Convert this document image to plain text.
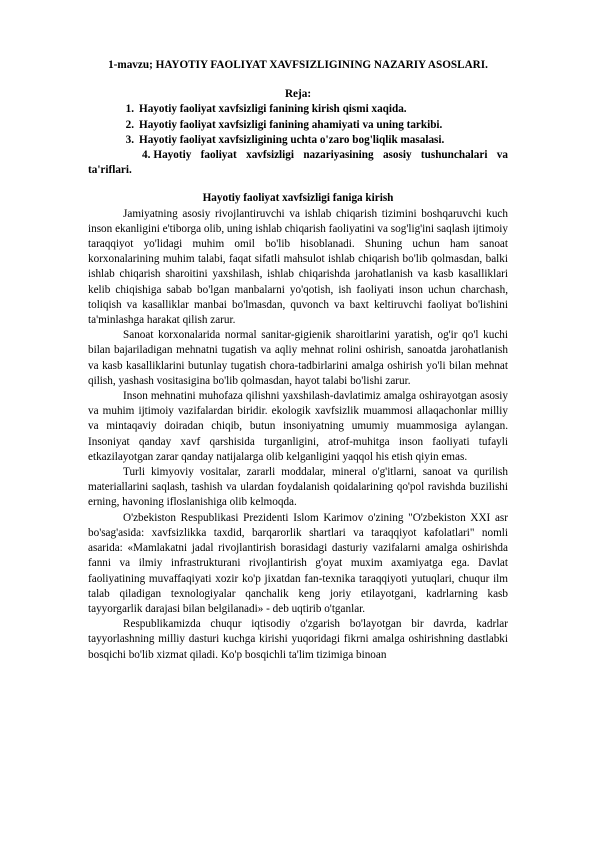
1-mavzu; HAYOTIY FAOLIYAT XAVFSIZLIGINING NAZARIY ASOSLARI.

Reja:

1. Hayotiy faoliyat xavfsizligi fanining kirish qismi xaqida.
2. Hayotiy faoliyat xavfsizligi fanining ahamiyati va uning tarkibi.
3. Hayotiy faoliyat xavfsizligining uchta o'zaro bog'liqlik masalasi.
4. Hayotiy faoliyat xavfsizligi nazariyasining asosiy tushunchalari va ta'riflari.

Hayotiy faoliyat xavfsizligi faniga kirish

Jamiyatning asosiy rivojlantiruvchi va ishlab chiqarish tizimini boshqaruvchi kuch inson ekanligini e'tiborga olib, uning ishlab chiqarish faoliyatini va sog'lig'ini saqlash ijtimoiy taraqqiyot yo'lidagi muhim omil bo'lib hisoblanadi. Shuning uchun ham sanoat korxonalarining muhim talabi, faqat sifatli mahsulot ishlab chiqarish bo'lib qolmasdan, balki ishlab chiqarish sharoitini yaxshilash, ishlab chiqarishda jarohatlanish va kasb kasalliklari kelib chiqishiga sabab bo'lgan manbalarni yo'qotish, ish faoliyati inson uchun charchash, toliqish va kasalliklar manbai bo'lmasdan, quvonch va baxt keltiruvchi faoliyat bo'lishini ta'minlashga harakat qilish zarur.

Sanoat korxonalarida normal sanitar-gigienik sharoitlarini yaratish, og'ir qo'l kuchi bilan bajariladigan mehnatni tugatish va aqliy mehnat rolini oshirish, sanoatda jarohatlanish va kasb kasalliklarini butunlay tugatish chora-tadbirlarini amalga oshirish yo'li bilan mehnat qilish, yashash vositasigina bo'lib qolmasdan, hayot talabi bo'lishi zarur.

Inson mehnatini muhofaza qilishni yaxshilash-davlatimiz amalga oshirayotgan asosiy va muhim ijtimoiy vazifalardan biridir. ekologik xavfsizlik muammosi allaqachonlar milliy va mintaqaviy doiradan chiqib, butun insoniyatning umumiy muammosiga aylangan. Insoniyat qanday xavf qarshisida turganligini, atrof-muhitga inson faoliyati tufayli etkazilayotgan zarar qanday natijalarga olib kelganligini yaqqol his etish qiyin emas.

Turli kimyoviy vositalar, zararli moddalar, mineral o'g'itlarni, sanoat va qurilish materiallarini saqlash, tashish va ulardan foydalanish qoidalarining qo'pol ravishda buzilishi erning, havoning ifloslanishiga olib kelmoqda.

O'zbekiston Respublikasi Prezidenti Islom Karimov o'zining "O'zbekiston XXI asr bo'sag'asida: xavfsizlikka taxdid, barqarorlik shartlari va taraqqiyot kafolatlari" nomli asarida: «Mamlakatni jadal rivojlantirish borasidagi dasturiy vazifalarni amalga oshirishda fanni va ilmiy infrastrukturani rivojlantirish g'oyat muxim axamiyatga ega. Davlat faoliyatining muvaffaqiyati xozir ko'p jixatdan fan-texnika taraqqiyoti yutuqlari, chuqur ilm talab qiladigan texnologiyalar qanchalik keng joriy etilayotgani, kadrlarning kasb tayyorgarlik darajasi bilan belgilanadi» - deb uqtirib o'tganlar.

Respublikamizda chuqur iqtisodiy o'zgarish bo'layotgan bir davrda, kadrlar tayyorlashning milliy dasturi kuchga kirishi yuqoridagi fikrni amalga oshirishning dastlabki bosqichi bo'lib xizmat qiladi. Ko'p bosqichli ta'lim tizimiga binoan
